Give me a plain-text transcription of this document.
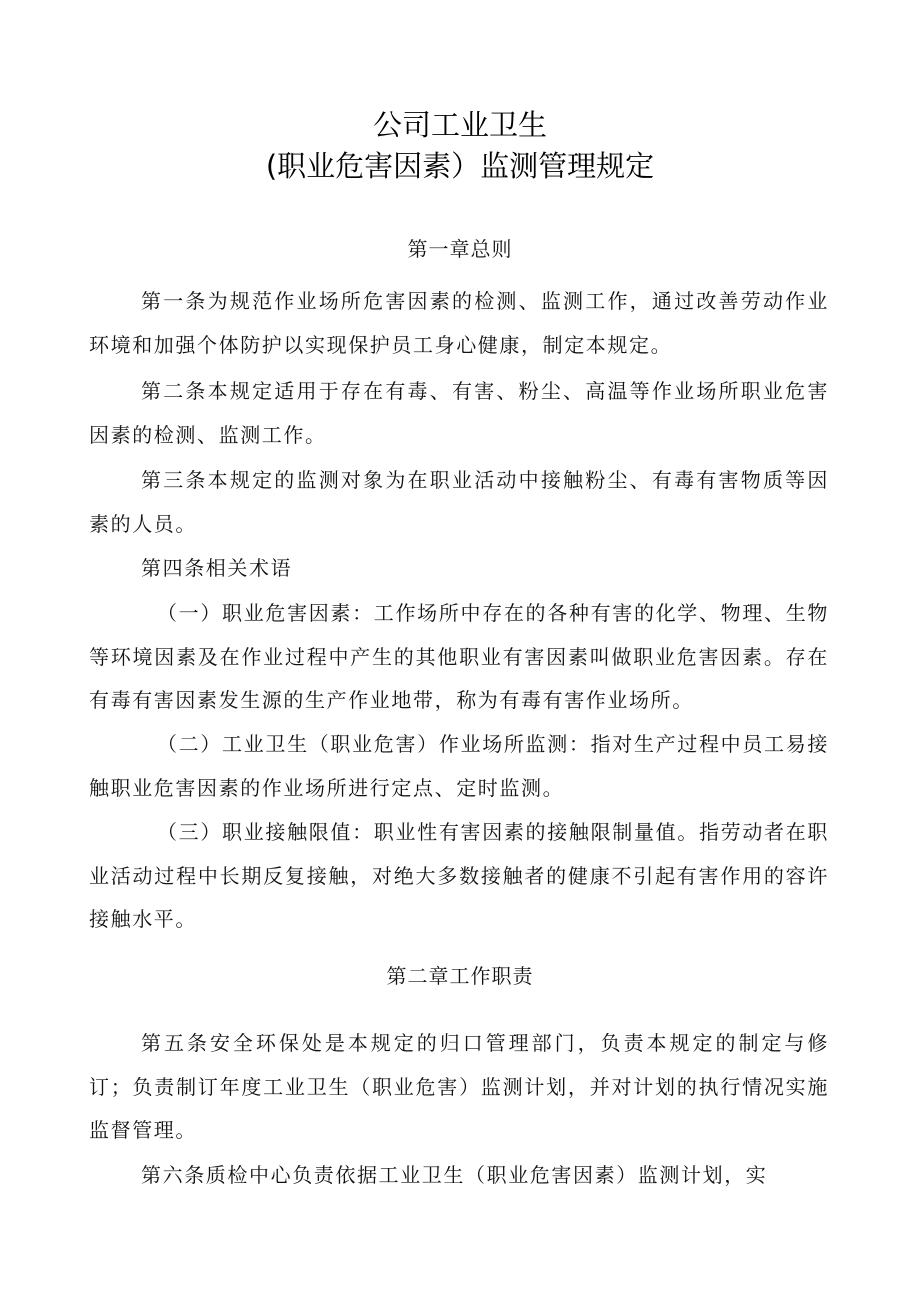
公司工业卫生
(职业危害因素）监测管理规定
第一章总则

第一条为规范作业场所危害因素的检测、监测工作，通过改善劳动作业环境和加强个体防护以实现保护员工身心健康，制定本规定。

第二条本规定适用于存在有毒、有害、粉尘、高温等作业场所职业危害因素的检测、监测工作。

第三条本规定的监测对象为在职业活动中接触粉尘、有毒有害物质等因素的人员。

第四条相关术语

（一）职业危害因素：工作场所中存在的各种有害的化学、物理、生物等环境因素及在作业过程中产生的其他职业有害因素叫做职业危害因素。存在有毒有害因素发生源的生产作业地带，称为有毒有害作业场所。

（二）工业卫生（职业危害）作业场所监测：指对生产过程中员工易接触职业危害因素的作业场所进行定点、定时监测。

（三）职业接触限值：职业性有害因素的接触限制量值。指劳动者在职业活动过程中长期反复接触，对绝大多数接触者的健康不引起有害作用的容许接触水平。

第二章工作职责

第五条安全环保处是本规定的归口管理部门，负责本规定的制定与修订；负责制订年度工业卫生（职业危害）监测计划，并对计划的执行情况实施监督管理。

第六条质检中心负责依据工业卫生（职业危害因素）监测计划，实
